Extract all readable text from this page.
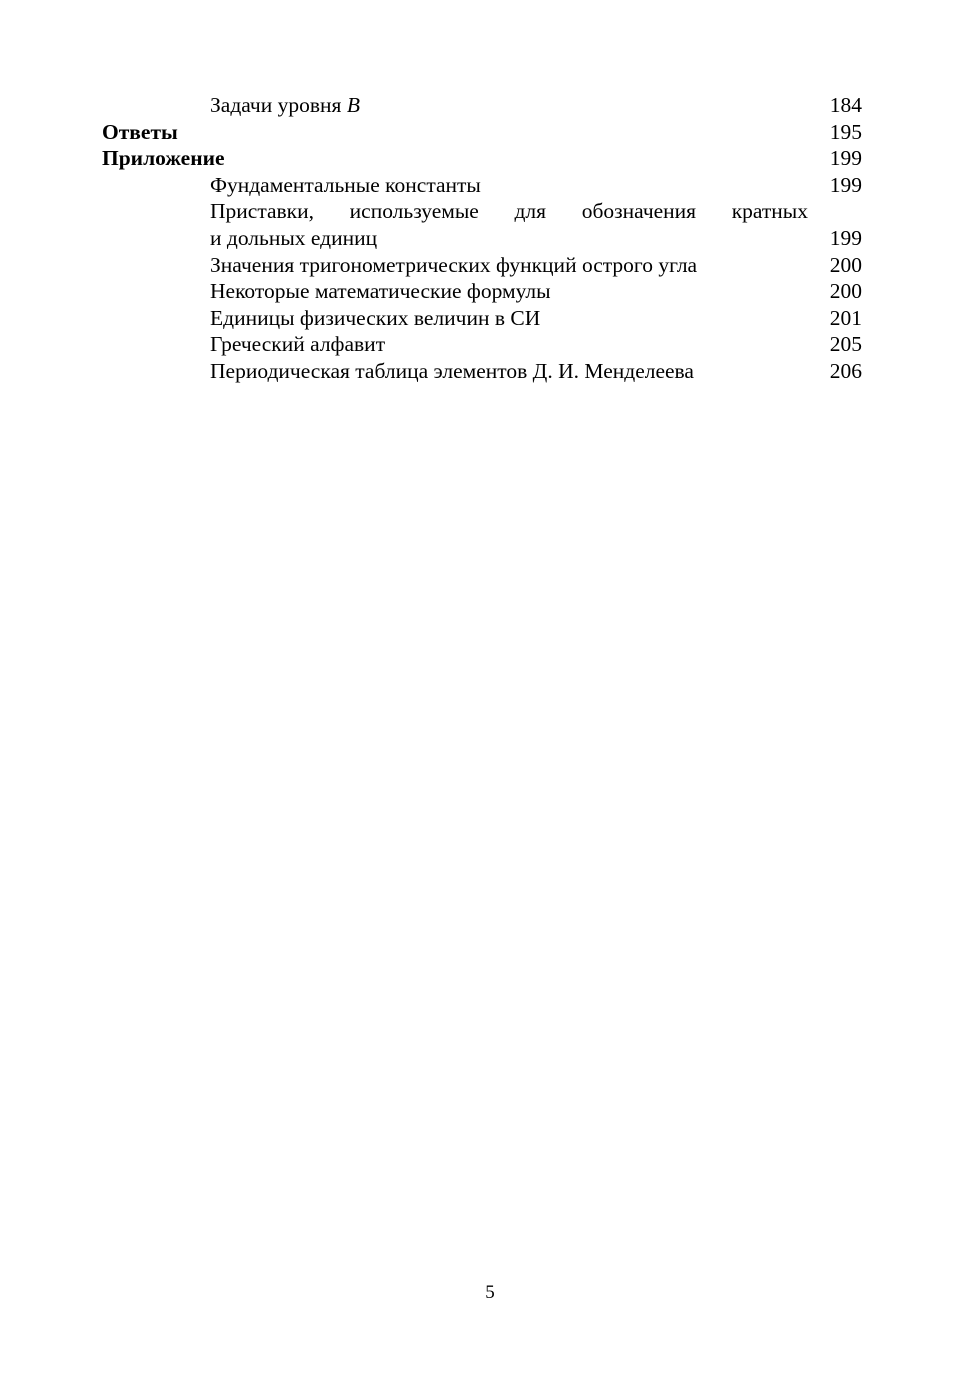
Задачи уровня B	184
Ответы	195
Приложение	199
Фундаментальные константы	199
Приставки, используемые для обозначения кратных
и дольных единиц	199
Значения тригонометрических функций острого угла	200
Некоторые математические формулы	200
Единицы физических величин в СИ	201
Греческий алфавит	205
Периодическая таблица элементов Д. И. Менделеева	206
5
